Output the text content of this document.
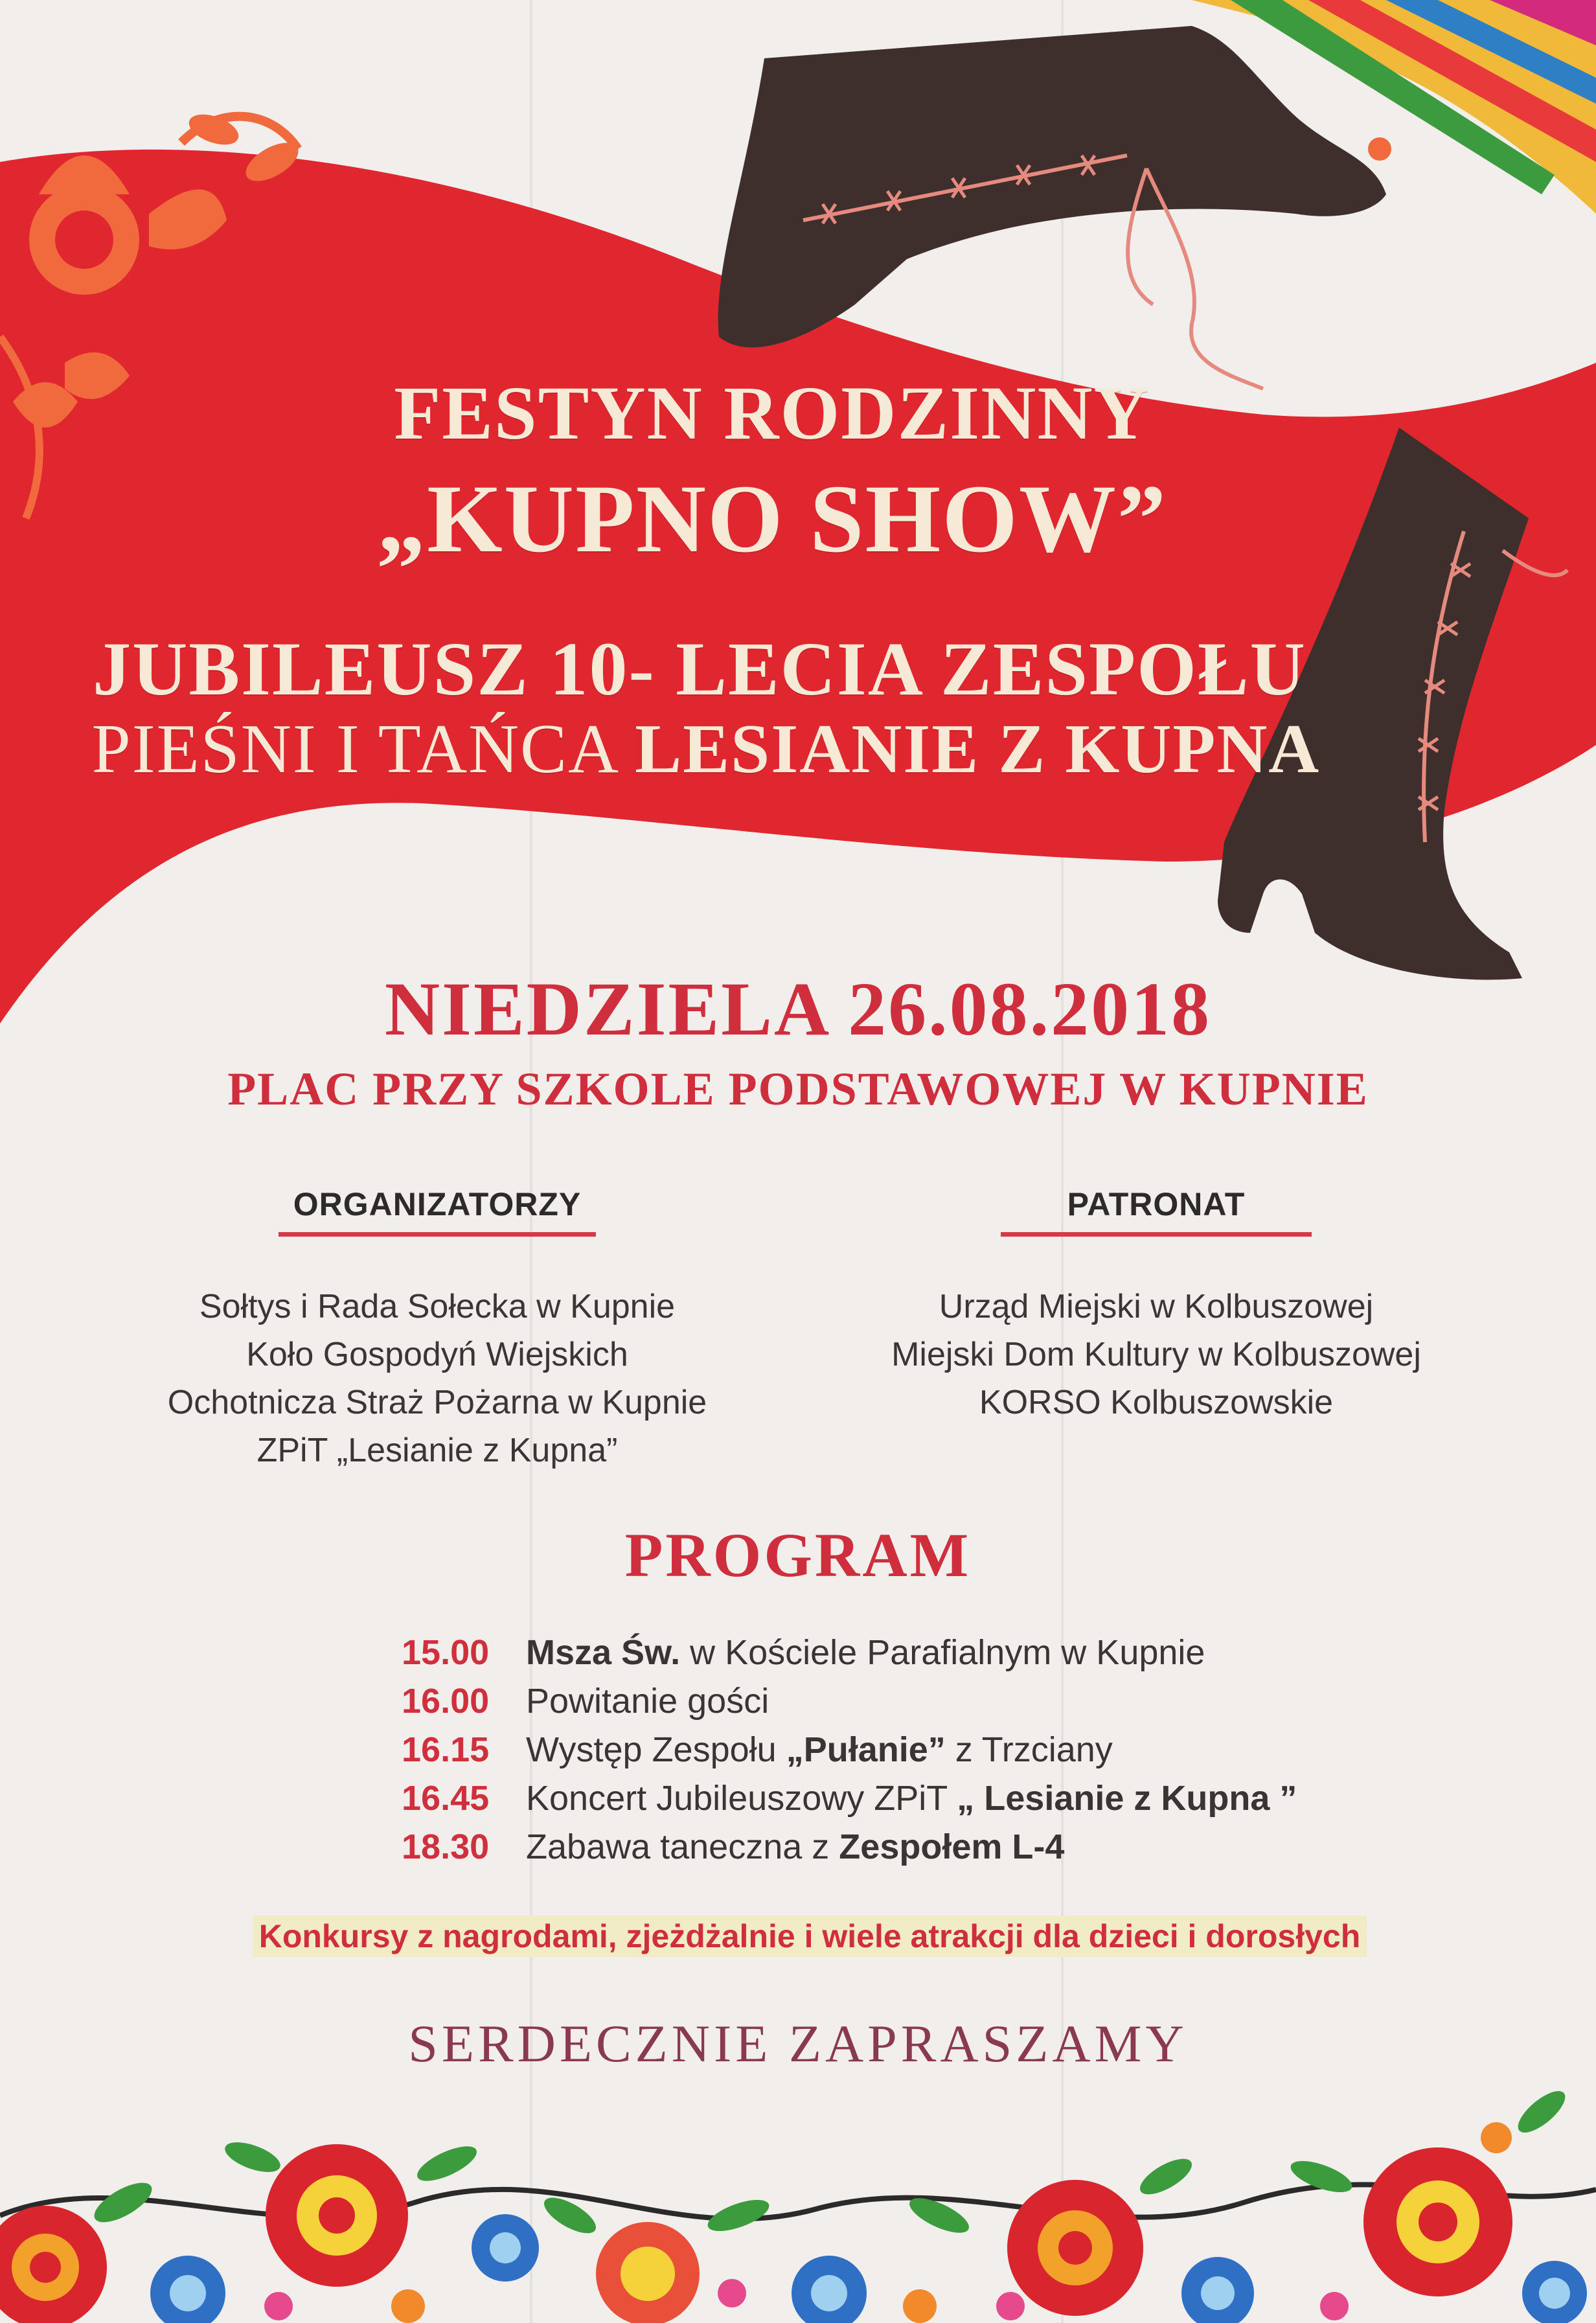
FESTYN RODZINNY
„KUPNO SHOW”
JUBILEUSZ 10- LECIA ZESPOŁU
PIEŚNI I TAŃCA LESIANIE Z KUPNA
NIEDZIELA 26.08.2018
PLAC PRZY SZKOLE PODSTAWOWEJ W KUPNIE
ORGANIZATORZY
Sołtys i Rada Sołecka w Kupnie
Koło Gospodyń Wiejskich
Ochotnicza Straż Pożarna w Kupnie
ZPiT „Lesianie z Kupna”
PATRONAT
Urząd Miejski w Kolbuszowej
Miejski Dom Kultury w Kolbuszowej
KORSO Kolbuszowskie
PROGRAM
15.00 Msza Św. w Kościele Parafialnym w Kupnie
16.00 Powitanie gości
16.15 Występ Zespołu „Pułanie” z Trzciany
16.45 Koncert Jubileuszowy ZPiT „ Lesianie z Kupna ”
18.30 Zabawa taneczna z Zespołem L-4
Konkursy z nagrodami, zjeżdżalnie i wiele atrakcji dla dzieci i dorosłych
SERDECZNIE ZAPRASZAMY
